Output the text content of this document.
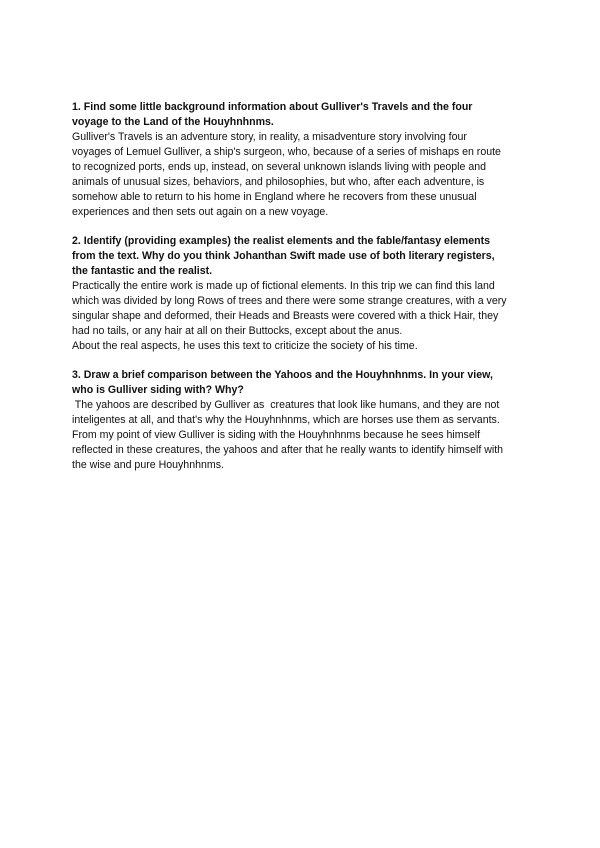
1. Find some little background information about Gulliver's Travels and the four
voyage to the Land of the Houyhnhnms.

Gulliver's Travels is an adventure story, in reality, a misadventure story involving four
voyages of Lemuel Gulliver, a ship's surgeon, who, because of a series of mishaps en route
to recognized ports, ends up, instead, on several unknown islands living with people and
animals of unusual sizes, behaviors, and philosophies, but who, after each adventure, is
somehow able to return to his home in England where he recovers from these unusual
experiences and then sets out again on a new voyage.

2. Identify (providing examples) the realist elements and the fable/fantasy elements
from the text. Why do you think Johanthan Swift made use of both literary registers,
the fantastic and the realist.

Practically the entire work is made up of fictional elements. In this trip we can find this land
which was divided by long Rows of trees and there were some strange creatures, with a very
singular shape and deformed, their Heads and Breasts were covered with a thick Hair, they
had no tails, or any hair at all on their Buttocks, except about the anus.
About the real aspects, he uses this text to criticize the society of his time.

3. Draw a brief comparison between the Yahoos and the Houyhnhnms. In your view,
who is Gulliver siding with? Why?

The yahoos are described by Gulliver as  creatures that look like humans, and they are not
inteligentes at all, and that's why the Houyhnhnms, which are horses use them as servants.
From my point of view Gulliver is siding with the Houyhnhnms because he sees himself
reflected in these creatures, the yahoos and after that he really wants to identify himself with
the wise and pure Houyhnhnms.
